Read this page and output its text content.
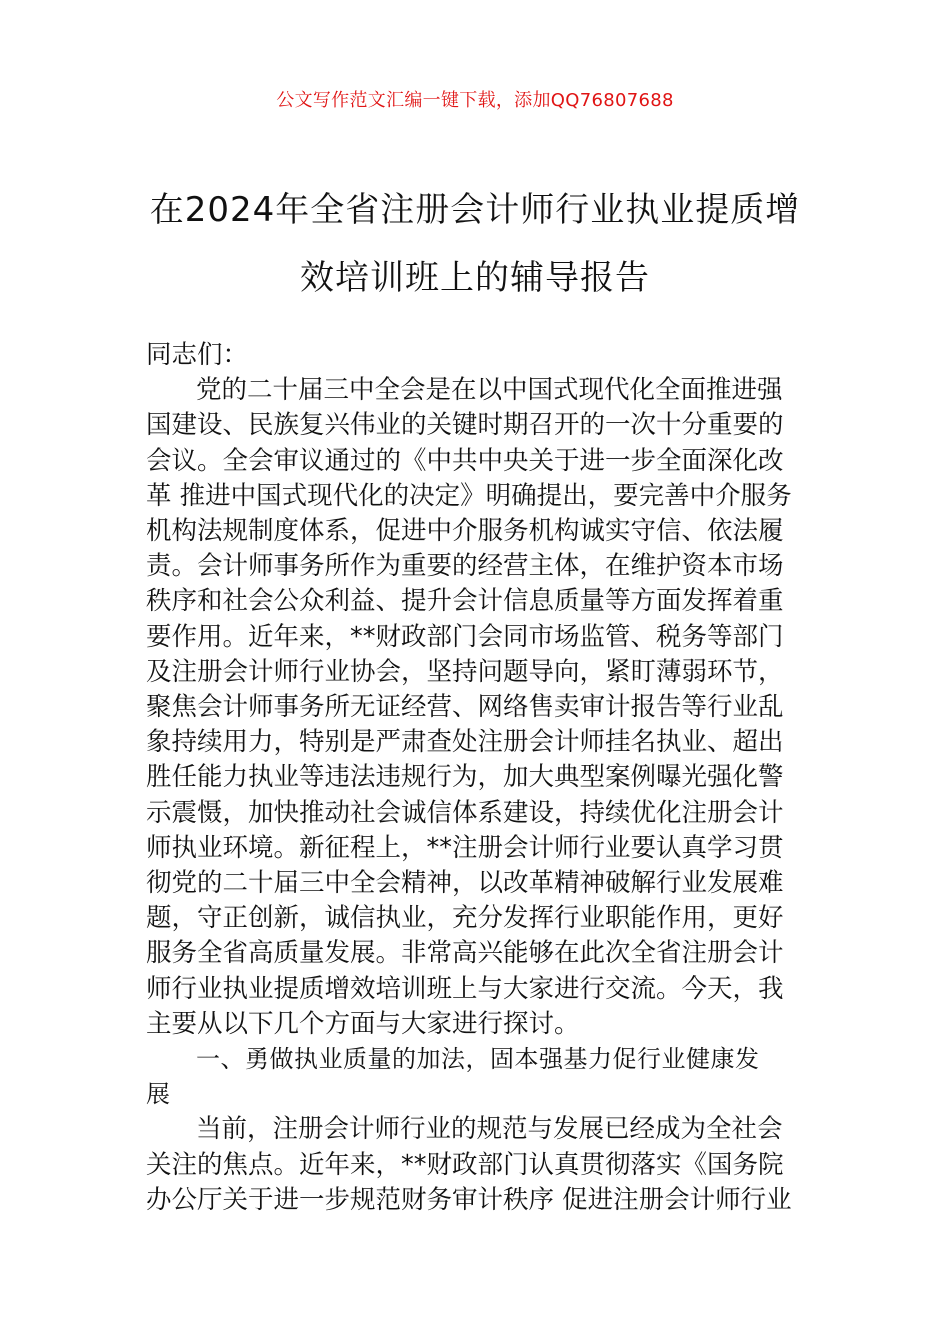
公文写作范文汇编一键下载，添加QQ76807688
在2024年全省注册会计师行业执业提质增
效培训班上的辅导报告

同志们：

党的二十届三中全会是在以中国式现代化全面推进强
国建设、民族复兴伟业的关键时期召开的一次十分重要的
会议。全会审议通过的《中共中央关于进一步全面深化改
革 推进中国式现代化的决定》明确提出，要完善中介服务
机构法规制度体系，促进中介服务机构诚实守信、依法履
责。会计师事务所作为重要的经营主体，在维护资本市场
秩序和社会公众利益、提升会计信息质量等方面发挥着重
要作用。近年来，**财政部门会同市场监管、税务等部门
及注册会计师行业协会，坚持问题导向，紧盯薄弱环节，
聚焦会计师事务所无证经营、网络售卖审计报告等行业乱
象持续用力，特别是严肃查处注册会计师挂名执业、超出
胜任能力执业等违法违规行为，加大典型案例曝光强化警
示震慑，加快推动社会诚信体系建设，持续优化注册会计
师执业环境。新征程上，**注册会计师行业要认真学习贯
彻党的二十届三中全会精神，以改革精神破解行业发展难
题，守正创新，诚信执业，充分发挥行业职能作用，更好
服务全省高质量发展。非常高兴能够在此次全省注册会计
师行业执业提质增效培训班上与大家进行交流。今天，我
主要从以下几个方面与大家进行探讨。
一、勇做执业质量的加法，固本强基力促行业健康发
展
当前，注册会计师行业的规范与发展已经成为全社会
关注的焦点。近年来，**财政部门认真贯彻落实《国务院
办公厅关于进一步规范财务审计秩序 促进注册会计师行业
